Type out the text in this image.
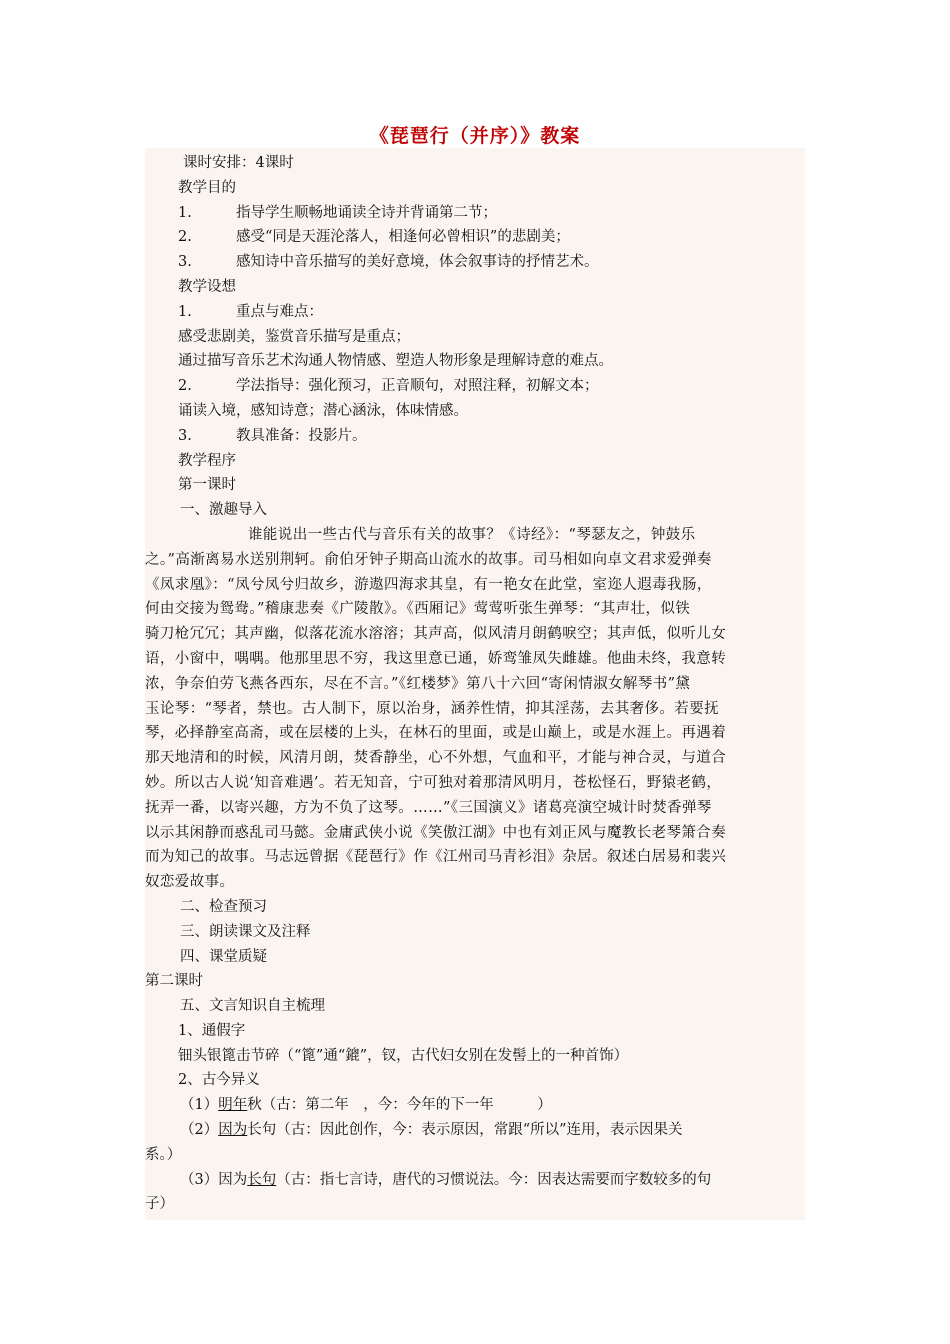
《琵琶行（并序）》教案

课时安排：4课时

教学目的

1.	指导学生顺畅地诵读全诗并背诵第二节；

2.	感受“同是天涯沦落人，相逢何必曾相识”的悲剧美；

3.	感知诗中音乐描写的美好意境，体会叙事诗的抒情艺术。

教学设想

1.	重点与难点：

感受悲剧美，鉴赏音乐描写是重点；

通过描写音乐艺术沟通人物情感、塑造人物形象是理解诗意的难点。

2.	学法指导：强化预习，正音顺句，对照注释，初解文本；

诵读入境，感知诗意；潜心涵泳，体味情感。

3.	教具准备：投影片。

教学程序

第一课时

一、激趣导入

谁能说出一些古代与音乐有关的故事？《诗经》：“琴瑟友之，钟鼓乐

之。”高渐离易水送别荆轲。俞伯牙钟子期高山流水的故事。司马相如向卓文君求爱弹奏

《凤求凰》：“凤兮凤兮归故乡，游遨四海求其皇，有一艳女在此堂，室迩人遐毒我肠，

何由交接为鸳鸯。”稽康悲奏《广陵散》。《西厢记》莺莺听张生弹琴：“其声壮，似铁

骑刀枪冗冗；其声幽，似落花流水溶溶；其声高，似风清月朗鹤唳空；其声低，似听儿女

语，小窗中，喁喁。他那里思不穷，我这里意已通，娇鸾雏凤失雌雄。他曲未终，我意转

浓，争奈伯劳飞燕各西东，尽在不言。”《红楼梦》第八十六回“寄闲情淑女解琴书”黛

玉论琴：“琴者，禁也。古人制下，原以治身，涵养性情，抑其淫荡，去其奢侈。若要抚

琴，必择静室高斋，或在层楼的上头，在林石的里面，或是山巅上，或是水涯上。再遇着

那天地清和的时候，风清月朗，焚香静坐，心不外想，气血和平，才能与神合灵，与道合

妙。所以古人说‘知音难遇’。若无知音，宁可独对着那清风明月，苍松怪石，野猿老鹤，

抚弄一番，以寄兴趣，方为不负了这琴。……”《三国演义》诸葛亮演空城计时焚香弹琴

以示其闲静而惑乱司马懿。金庸武侠小说《笑傲江湖》中也有刘正风与魔教长老琴箫合奏

而为知己的故事。马志远曾据《琵琶行》作《江州司马青衫泪》杂居。叙述白居易和裴兴

奴恋爱故事。

二、检查预习

三、朗读课文及注释

四、课堂质疑

第二课时

五、文言知识自主梳理

1、通假字

钿头银篦击节碎（“篦”通“鎞”，钗，古代妇女别在发髻上的一种首饰）

2、古今异义

（1）明年秋（古：第二年　，今：今年的下一年　　　）

（2）因为长句（古：因此创作，今：表示原因，常跟“所以”连用，表示因果关

系。）

（3）因为长句（古：指七言诗，唐代的习惯说法。今：因表达需要而字数较多的句

子）
